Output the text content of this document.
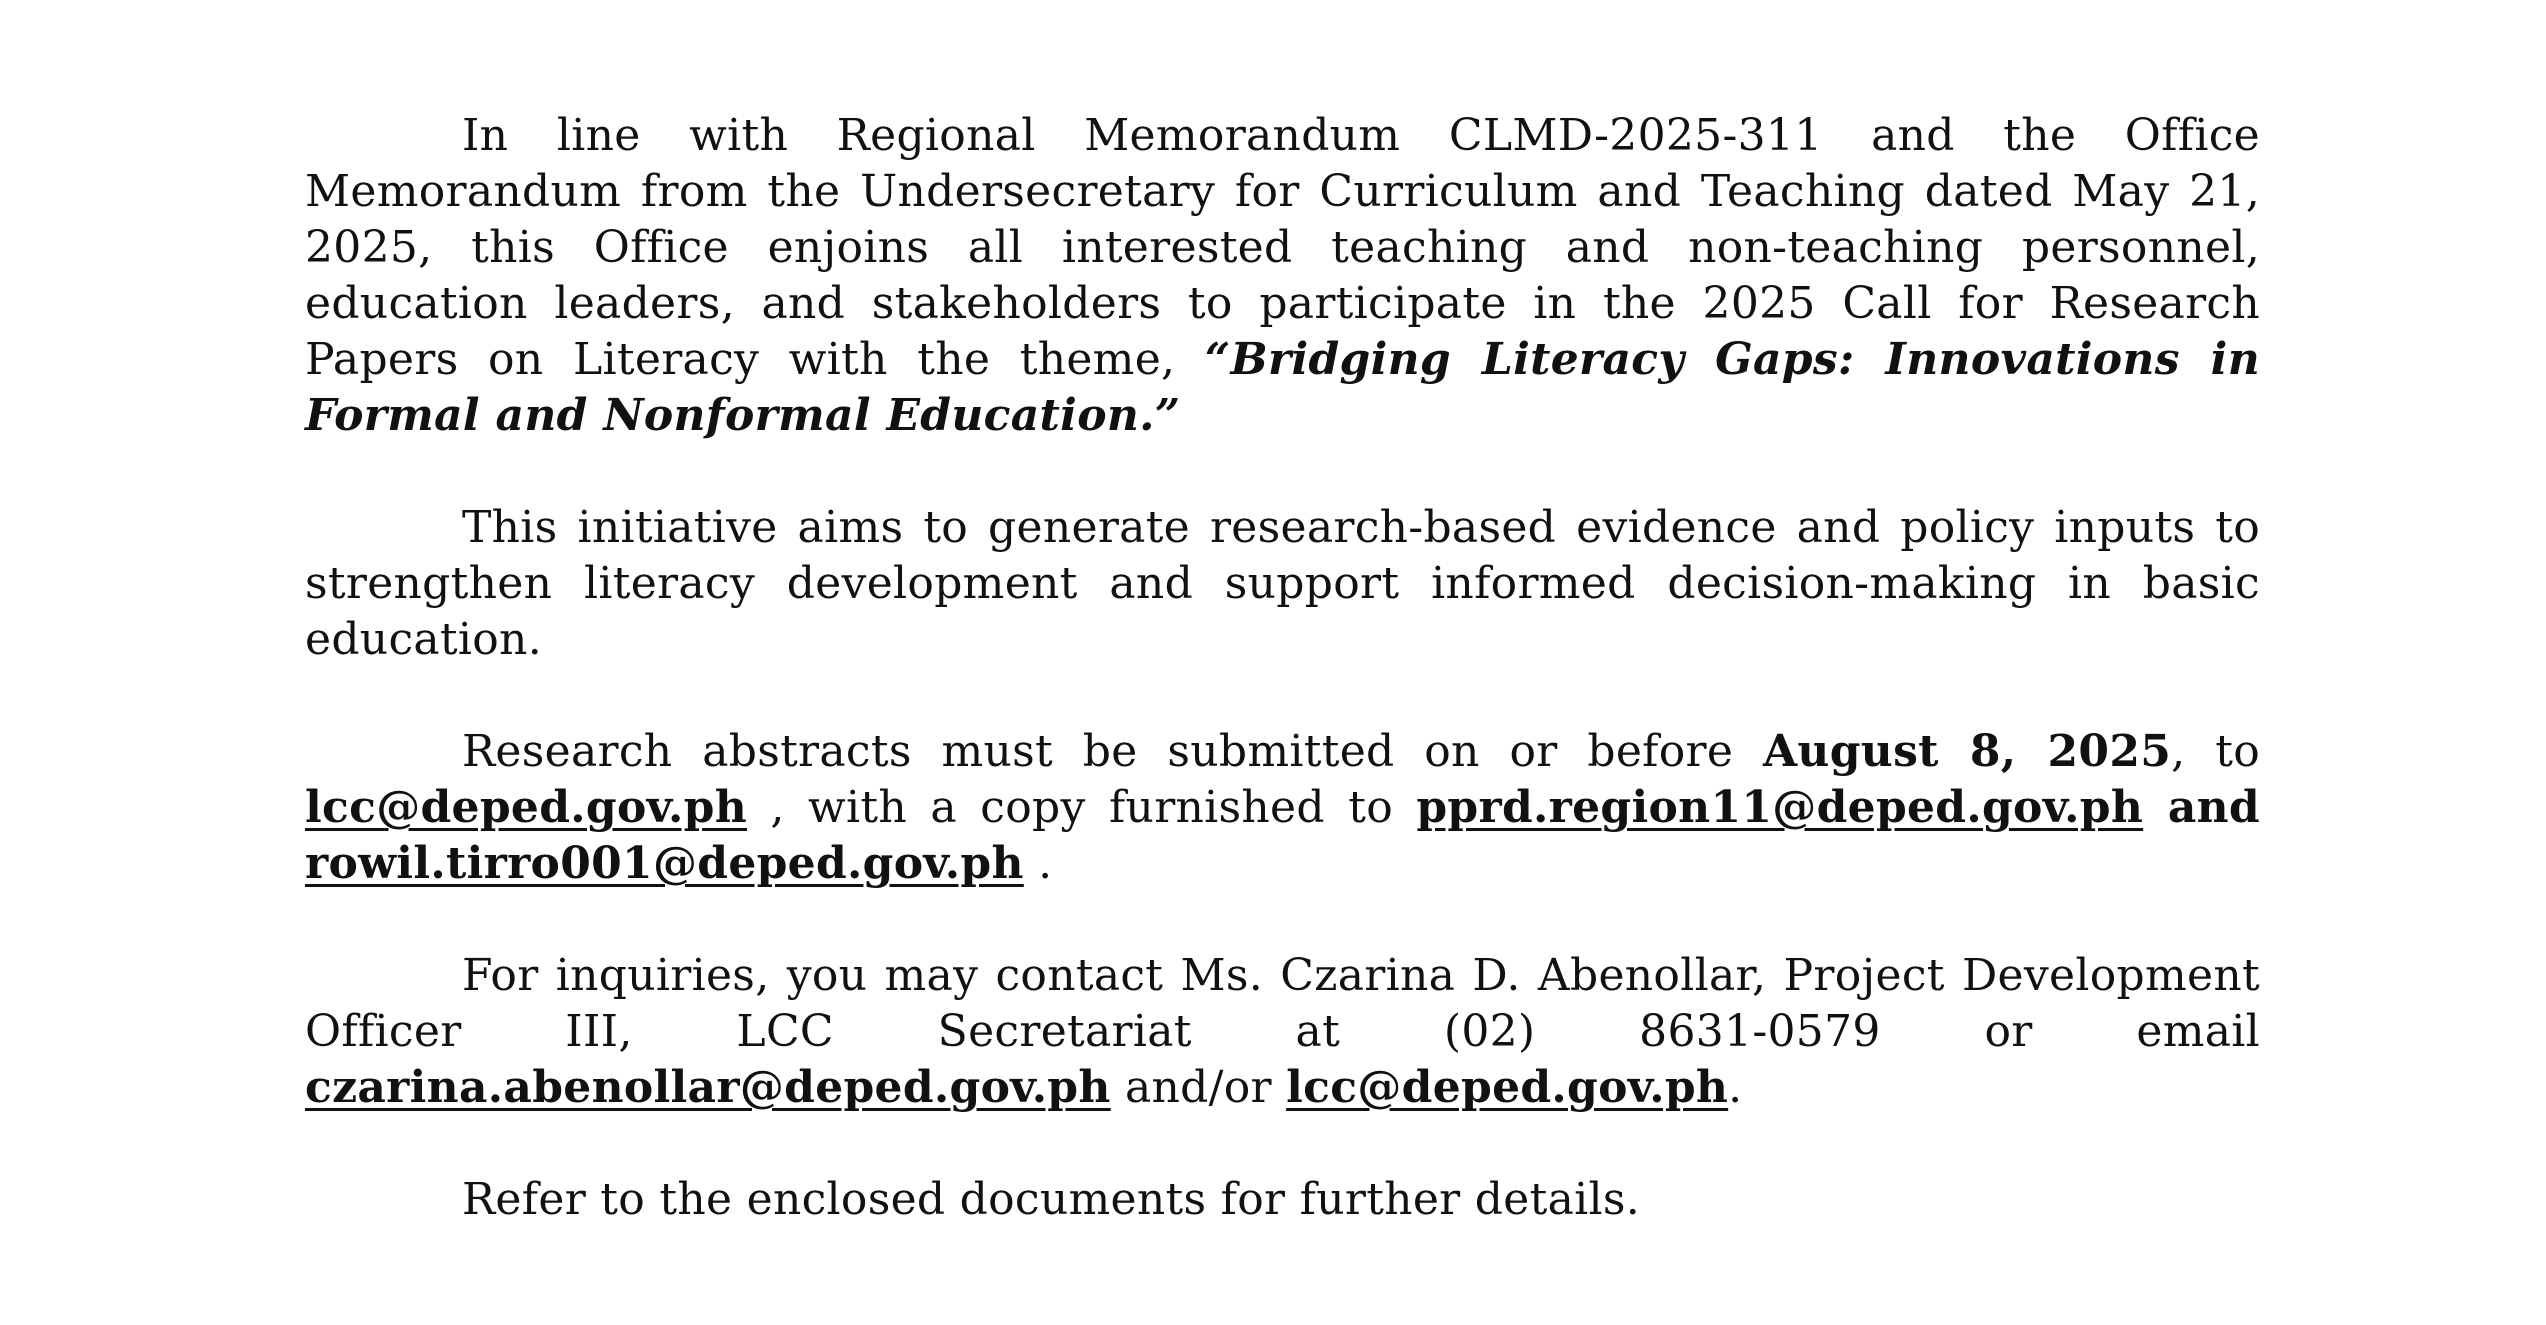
In line with Regional Memorandum CLMD-2025-311 and the Office Memorandum from the Undersecretary for Curriculum and Teaching dated May 21, 2025, this Office enjoins all interested teaching and non-teaching personnel, education leaders, and stakeholders to participate in the 2025 Call for Research Papers on Literacy with the theme, “Bridging Literacy Gaps: Innovations in Formal and Nonformal Education.”

This initiative aims to generate research-based evidence and policy inputs to strengthen literacy development and support informed decision-making in basic education.

Research abstracts must be submitted on or before August 8, 2025, to lcc@deped.gov.ph , with a copy furnished to pprd.region11@deped.gov.ph and rowil.tirro001@deped.gov.ph .

For inquiries, you may contact Ms. Czarina D. Abenollar, Project Development Officer III, LCC Secretariat at (02) 8631-0579 or email czarina.abenollar@deped.gov.ph and/or lcc@deped.gov.ph.

Refer to the enclosed documents for further details.
